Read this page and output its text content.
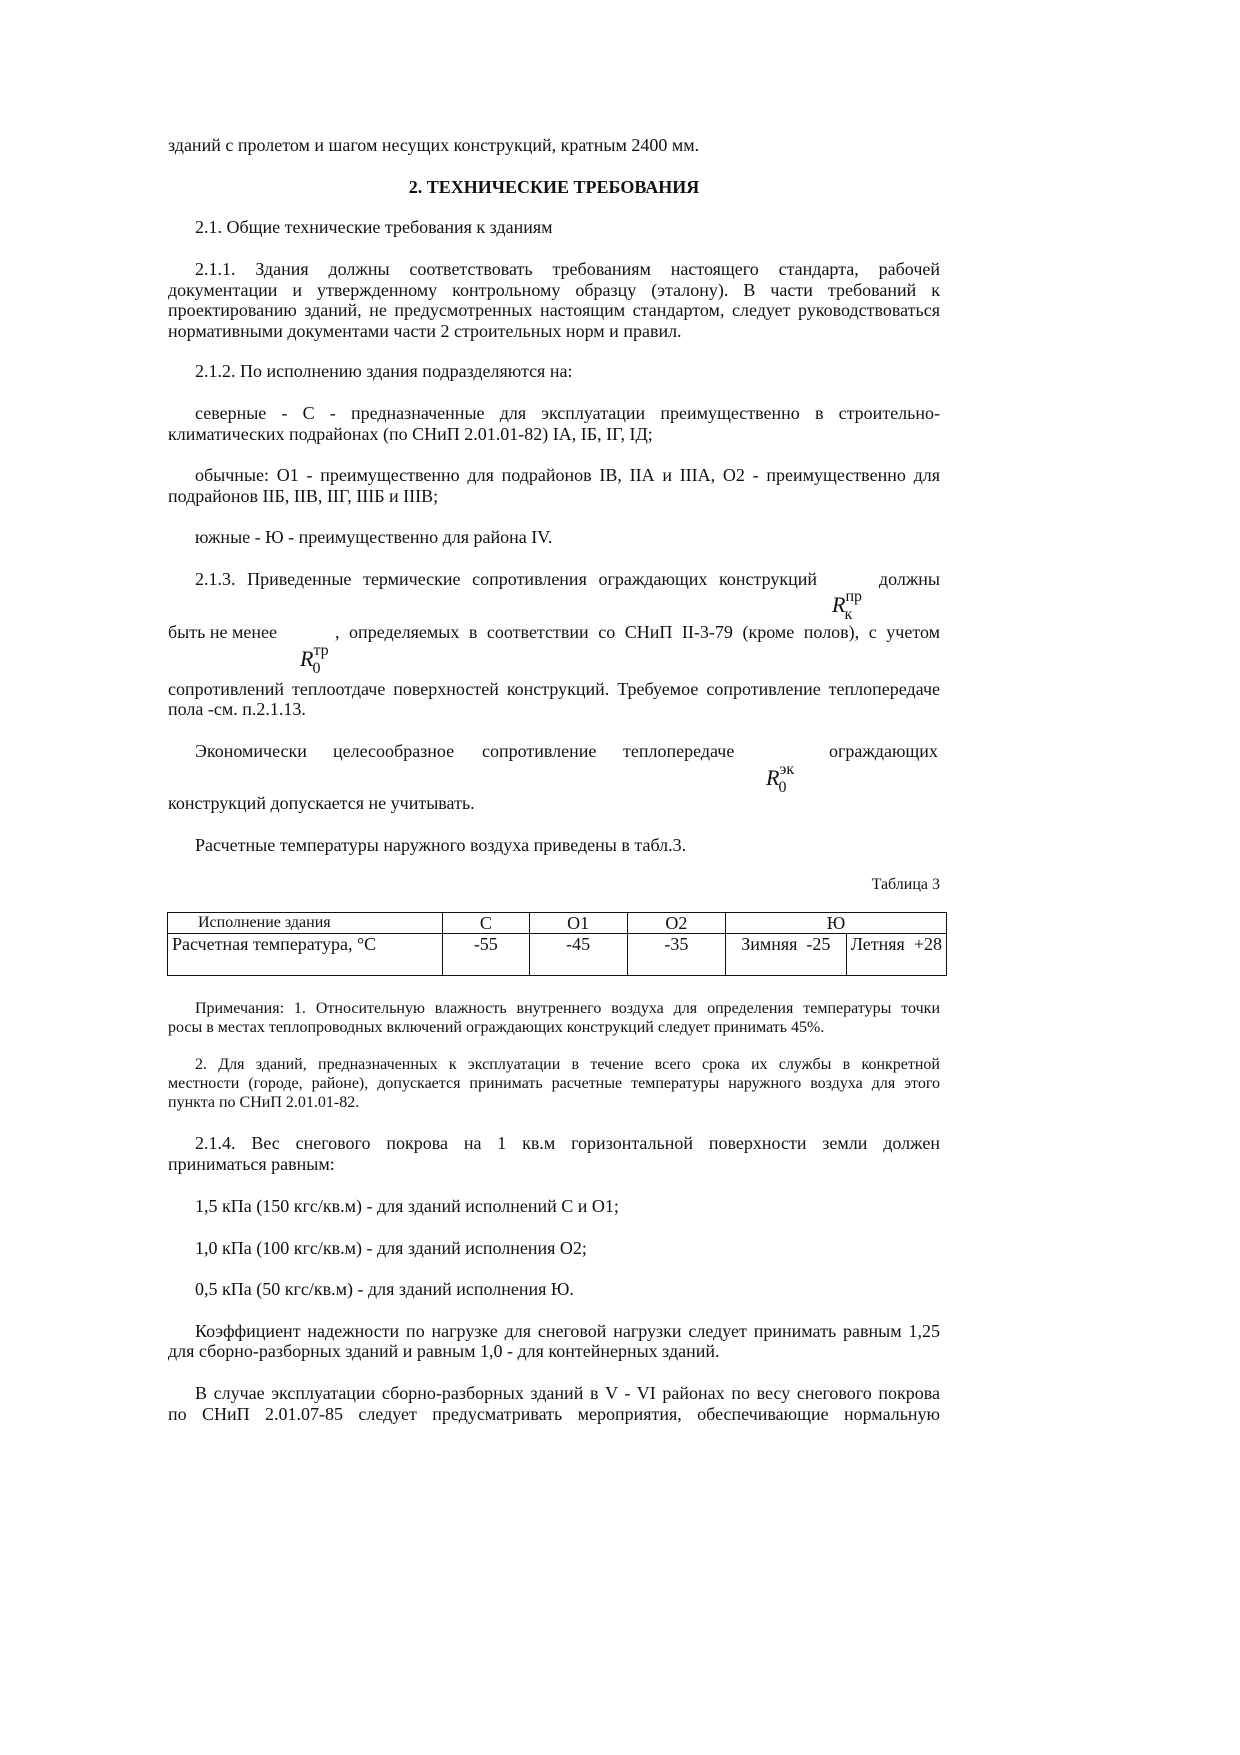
зданий с пролетом и шагом несущих конструкций, кратным 2400 мм.
2. ТЕХНИЧЕСКИЕ ТРЕБОВАНИЯ
2.1. Общие технические требования к зданиям
2.1.1. Здания должны соответствовать требованиям настоящего стандарта, рабочей
документации и утвержденному контрольному образцу (эталону). В части требований к
проектированию зданий, не предусмотренных настоящим стандартом, следует руководствоваться
нормативными документами части 2 строительных норм и правил.
2.1.2. По исполнению здания подразделяются на:
северные - С - предназначенные для эксплуатации преимущественно в строительно-
климатических подрайонах (по СНиП 2.01.01-82) IА, IБ, IГ, IД;
обычные: О1 - преимущественно для подрайонов IВ, IIА и IIIА, О2 - преимущественно для
подрайонов IIБ, IIВ, IIГ, IIIБ и IIIВ;
южные - Ю - преимущественно для района IV.
2.1.3. Приведенные термические сопротивления ограждающих конструкций	должны
R пр
к
быть не менее	, определяемых в соответствии со СНиП II-3-79 (кроме полов), с учетом
R тр
0
сопротивлений теплоотдаче поверхностей конструкций. Требуемое сопротивление теплопередаче
пола -см. п.2.1.13.
Экономически целесообразное сопротивление теплопередаче	ограждающих
R эк
0
конструкций допускается не учитывать.
Расчетные температуры наружного воздуха приведены в табл.3.
Таблица 3
Исполнение здания	С	О1	О2	Ю	
Расчетная температура, °С	-55	-45	-35	Зимняя  -25	Летняя  +28
Примечания: 1. Относительную влажность внутреннего воздуха для определения температуры точки
росы в местах теплопроводных включений ограждающих конструкций следует принимать 45%.
2. Для зданий, предназначенных к эксплуатации в течение всего срока их службы в конкретной
местности (городе, районе), допускается принимать расчетные температуры наружного воздуха для этого
пункта по СНиП 2.01.01-82.
2.1.4. Вес снегового покрова на 1 кв.м горизонтальной поверхности земли должен
приниматься равным:
1,5 кПа (150 кгс/кв.м) - для зданий исполнений С и О1;
1,0 кПа (100 кгс/кв.м) - для зданий исполнения О2;
0,5 кПа (50 кгс/кв.м) - для зданий исполнения Ю.
Коэффициент надежности по нагрузке для снеговой нагрузки следует принимать равным 1,25
для сборно-разборных зданий и равным 1,0 - для контейнерных зданий.
В случае эксплуатации сборно-разборных зданий в V - VI районах по весу снегового покрова
по СНиП 2.01.07-85 следует предусматривать мероприятия, обеспечивающие нормальную
